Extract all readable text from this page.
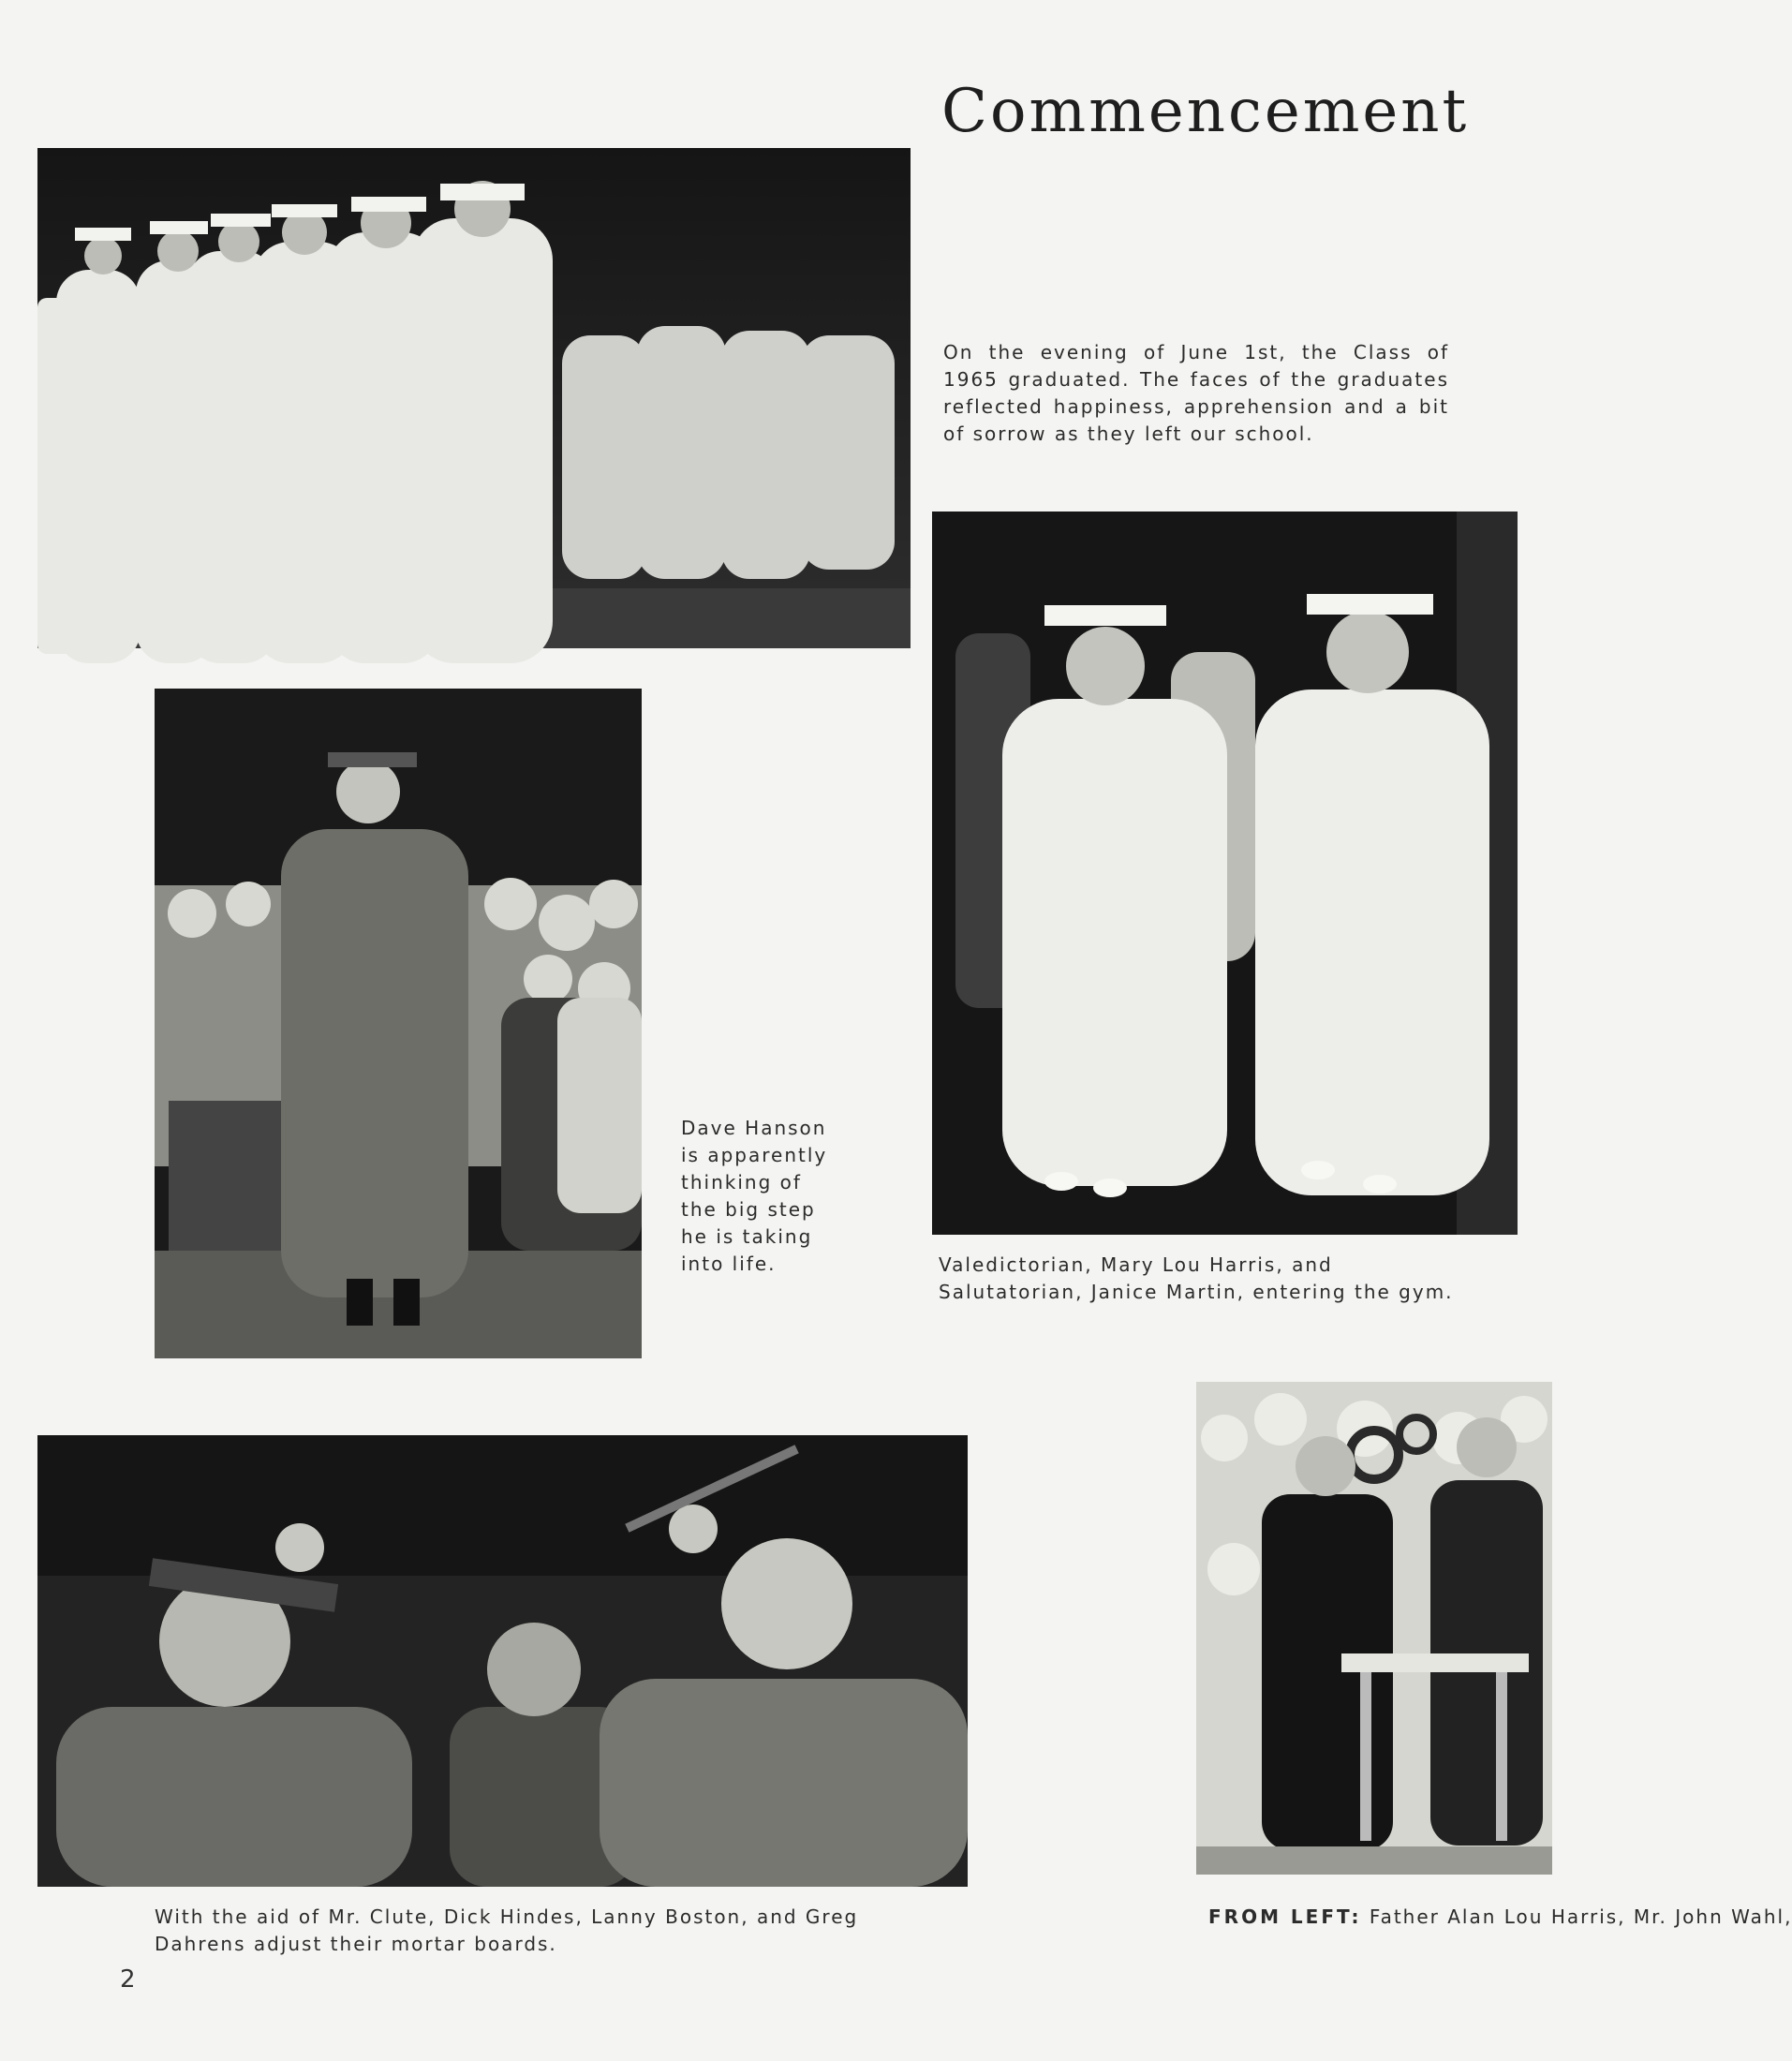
Commencement
On the evening of June 1st, the Class of 1965 graduated. The faces of the graduates reflected happiness, apprehension and a bit of sorrow as they left our school.
Dave Hanson is apparently thinking of the big step he is taking into life.	Valedictorian, Mary Lou Harris, and Salutatorian, Janice Martin, entering the gym.
With the aid of Mr. Clute, Dick Hindes, Lanny Boston, and Greg Dahrens adjust their mortar boards.
FROM LEFT: Father Alan Lou Harris, Mr. John Wahl,
2
